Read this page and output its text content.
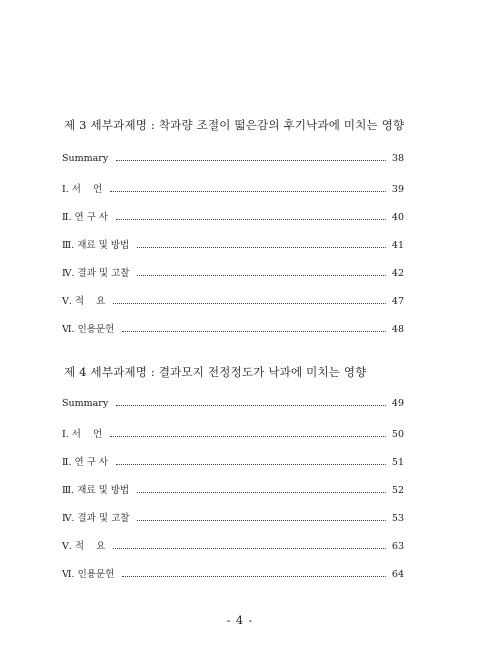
제 3 세부과제명 : 착과량 조절이 떫은감의 후기낙과에 미치는 영향
Summary	38
Ⅰ. 서    언	39
Ⅱ. 연 구 사	40
Ⅲ. 재료 및 방법	41
Ⅳ. 결과 및 고찰	42
Ⅴ. 적    요	47
Ⅵ. 인용문헌	48
제 4 세부과제명 : 결과모지 전정정도가 낙과에 미치는 영향
Summary	49
Ⅰ. 서    언	50
Ⅱ. 연 구 사	51
Ⅲ. 재료 및 방법	52
Ⅳ. 결과 및 고찰	53
Ⅴ. 적    요	63
Ⅵ. 인용문헌	64
- 4 -
